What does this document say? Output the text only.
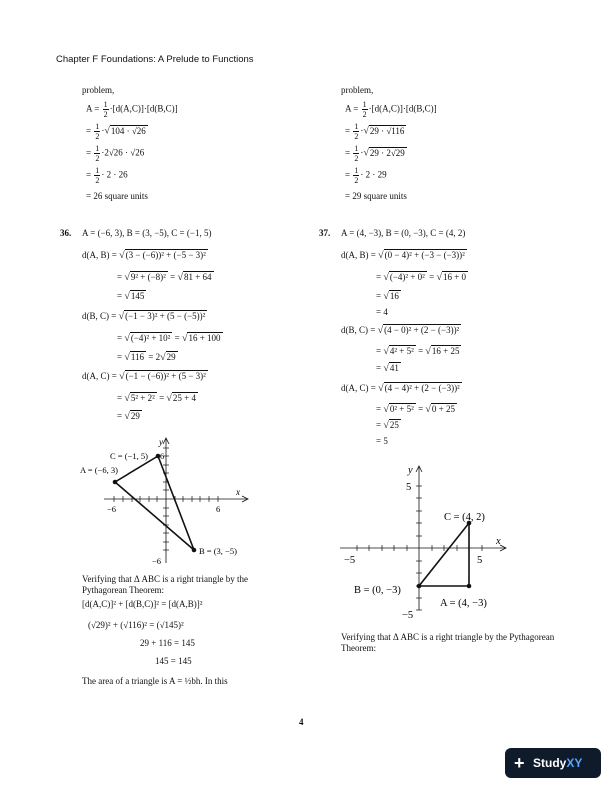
Chapter F Foundations: A Prelude to Functions
problem,
$A = \frac{1}{2} \cdot[d(A,C)]\cdot[d(B,C)]$
= $\frac{1}{2} \cdot√104 \cdot √26$
= $\frac{1}{2} \cdot 2√26 \cdot √26$
= $\frac{1}{2} \cdot 2 \cdot 26$
= 26 square units
problem,
$A = \frac{1}{2} \cdot[d(A,C)]\cdot[d(B,C)]$
= $\frac{1}{2} \cdot√29 \cdot √116$
= $\frac{1}{2} \cdot√29 \cdot 2√29$
= $\frac{1}{2} \cdot 2 \cdot 29$
= 29 square units
36. A = (−6, 3), B = (3, −5), C = (−1, 5)
d(A, B) = √(3 − (−6))² + (−5 − 3)²
= √9² + (−8)² = √81 + 64
= √145
d(B, C) = √(−1 − 3)² + (5 − (−5))²
= √(−4)² + 10² = √16 + 100
= √116 = 2√29
d(A, C) = √(−1 − (−6))² + (5 − 3)²
= √5² + 2² = √25 + 4
= √29
y
x
C = (−1, 5) 6
A = (−6, 3)
B = (3, −5)
−6	6
−6
Verifying that Δ ABC is a right triangle by the Pythagorean Theorem:
[d(A,C)]² + [d(B,C)]² = [d(A,B)]²
(√29)² + (√116)² = (√145)²
29 + 116 = 145
145 = 145
The area of a triangle is A = ½bh. In this
37. A = (4, −3), B = (0, −3), C = (4, 2)
d(A, B) = √(0 − 4)² + (−3 − (−3))²
= √(−4)² + 0² = √16 + 0
= √16
= 4
d(B, C) = √(4 − 0)² + (2 − (−3))²
= √4² + 5² = √16 + 25
= √41
d(A, C) = √(4 − 4)² + (2 − (−3))²
= √0² + 5² = √0 + 25
= √25
= 5
y
x
5
−5	5
−5
C = (4, 2)
B = (0, −3)
A = (4, −3)
Verifying that Δ ABC is a right triangle by the Pythagorean Theorem:
4
+ StudyXY
